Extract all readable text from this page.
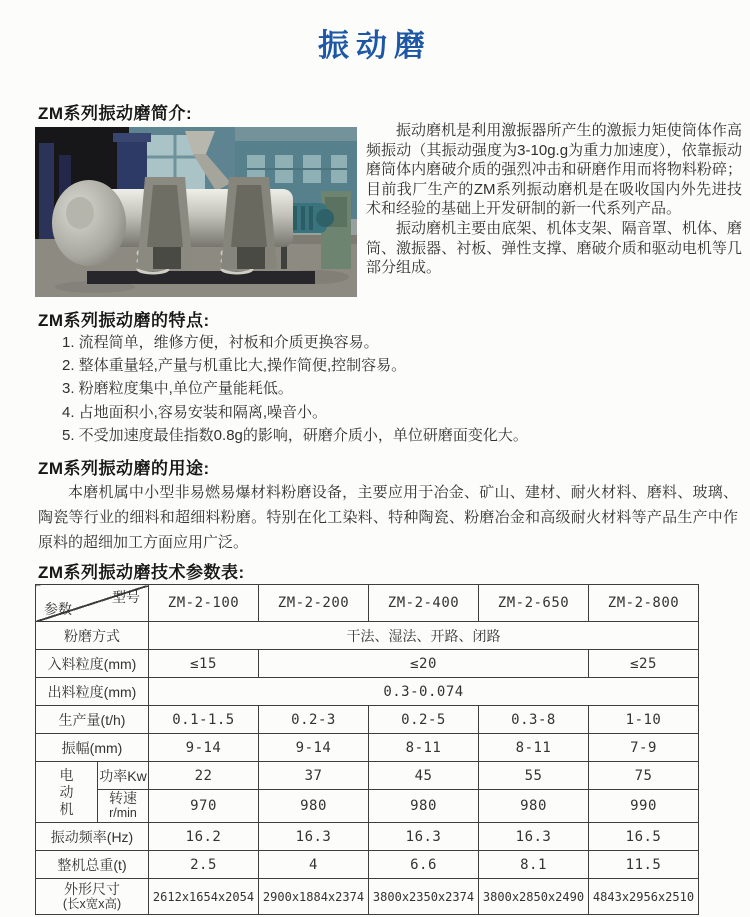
振动磨
ZM系列振动磨简介:

振动磨机是利用激振器所产生的激振力矩使筒体作高频振动（其振动强度为3-10g.g为重力加速度），依靠振动磨筒体内磨破介质的强烈冲击和研磨作用而将物料粉碎；目前我厂生产的ZM系列振动磨机是在吸收国内外先进技术和经验的基础上开发研制的新一代系列产品。

振动磨机主要由底架、机体支架、隔音罩、机体、磨筒、激振器、衬板、弹性支撑、磨破介质和驱动电机等几部分组成。

ZM系列振动磨的特点:
1. 流程简单，维修方便，衬板和介质更换容易。
2. 整体重量轻,产量与机重比大,操作简便,控制容易。
3. 粉磨粒度集中,单位产量能耗低。
4. 占地面积小,容易安装和隔离,噪音小。
5. 不受加速度最佳指数0.8g的影响，研磨介质小，单位研磨面变化大。
ZM系列振动磨的用途:

本磨机属中小型非易燃易爆材料粉磨设备，主要应用于冶金、矿山、建材、耐火材料、磨料、玻璃、陶瓷等行业的细料和超细料粉磨。特别在化工染料、特种陶瓷、粉磨冶金和高级耐火材料等产品生产中作原料的超细加工方面应用广泛。

ZM系列振动磨技术参数表:
型号
参数		ZM-2-100	ZM-2-200	ZM-2-400	ZM-2-650	ZM-2-800
粉磨方式		干法、湿法、开路、闭路				
入料粒度(mm)		≤15	≤20			≤25
出料粒度(mm)		0.3-0.074				
生产量(t/h)		0.1-1.5	0.2-3	0.2-5	0.3-8	1-10
振幅(mm)		9-14	9-14	8-11	8-11	7-9

电动机	功率Kw	22	37	45	55	75

	转速
r/min	970	980	980	980	990
振动频率(Hz)		16.2	16.3	16.3	16.3	16.5
整机总重(t)		2.5	4	6.6	8.1	11.5

外形尺寸
(长x宽x高)		2612x1654x2054	2900x1884x2374	3800x2350x2374	3800x2850x2490	4843x2956x2510
